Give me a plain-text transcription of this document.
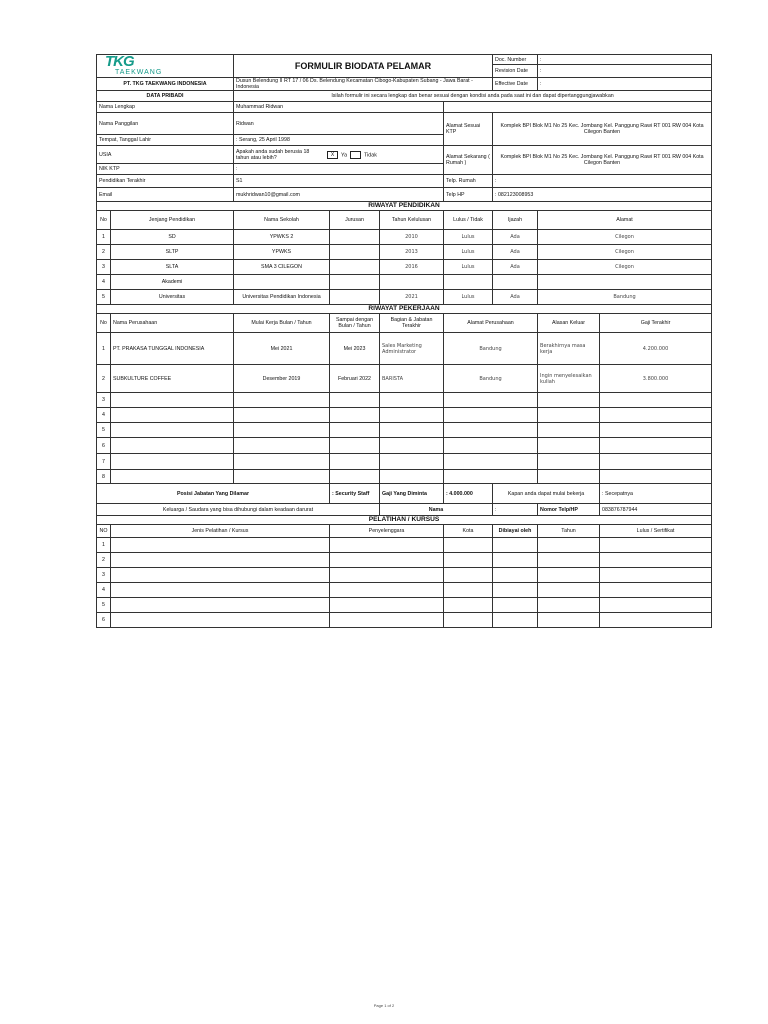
TKG
TAEKWANG		FORMULIR BIODATA PELAMAR				Doc. Number	:	
						Revision Date	:	
PT. TKG TAEKWANG INDONESIA		Dusun Belendung II RT 17 / 06 Ds. Belendung Kecamatan Cibogo-Kabupaten Subang - Jawa Barat - Indonesia				Effective Date	:	
DATA PRIBADI		Isilah formulir ini secara lengkap dan benar sesuai dengan kondisi anda pada saat ini dan dapat dipertanggungjawabkan						
Nama Lengkap		Muhammad Ridwan						
Nama Panggilan		Ridwan			Alamat Sesuai KTP	Komplek BPI Blok M1 No 25 Kec. Jombang Kel. Panggung Rawi RT 001 RW 004 Kota Cilegon Banten		
Tempat, Tanggal Lahir		: Serang, 25 April 1998						
USIA		Apakah anda sudah berusia 18 tahun atau lebih? X Ya Tidak			Alamat Sekarang ( Rumah )	Komplek BPI Blok M1 No 25 Kec. Jombang Kel. Panggung Rawi RT 001 RW 004 Kota Cilegon Banten		
NIK KTP		:						
Pendidikan Terakhir		S1			Telp. Rumah	:		
Email		mukhridwan10@gmail.com			Telp HP	: 082123008953		
RIWAYAT PENDIDIKAN								
No	Jenjang Pendidikan	Nama Sekolah	Jurusan	Tahun Kelulusan	Lulus / Tidak	Ijazah	Alamat	
1	SD	YPWKS 2		2010	Lulus	Ada	Cilegon	
2	SLTP	YPWKS		2013	Lulus	Ada	Cilegon	
3	SLTA	SMA 3 CILEGON		2016	Lulus	Ada	Cilegon	
4	Akademi							
5	Universitas	Universitas Pendidikan Indonesia		2021	Lulus	Ada	Bandung	
RIWAYAT PEKERJAAN								
No	Nama Perusahaan	Mulai Kerja Bulan / Tahun	Sampai dengan Bulan / Tahun	Bagian & Jabatan Terakhir	Alamat Perusahaan		Alasan Keluar	Gaji Terakhir
1	PT. PRAKASA TUNGGAL INDONESIA	Mei 2021	Mei 2023	Sales Marketing Administrator	Bandung		Berakhirnya masa kerja	4.200.000
2	SUBKULTURE COFFEE	Desember 2019	Februari 2022	BARISTA	Bandung		Ingin menyelesaikan kuliah	3.800.000
3								
4								
5								
6								
7								
8								
Posisi Jabatan Yang Dilamar			: Security Staff	Gaji Yang Diminta	: 4.000.000	Kapan anda dapat mulai bekerja		: Secepatnya
Keluarga / Saudara yang bisa dihubungi dalam keadaan darurat				Nama		:	Nomor Telp/HP	083876787944
PELATIHAN / KURSUS								
NO	Jenis Pelatihan / Kursus		Penyelenggara		Kota	Dibiayai oleh	Tahun	Lulus / Sertifikat
1								
2								
3								
4								
5								
6								
Page 1 of 2
